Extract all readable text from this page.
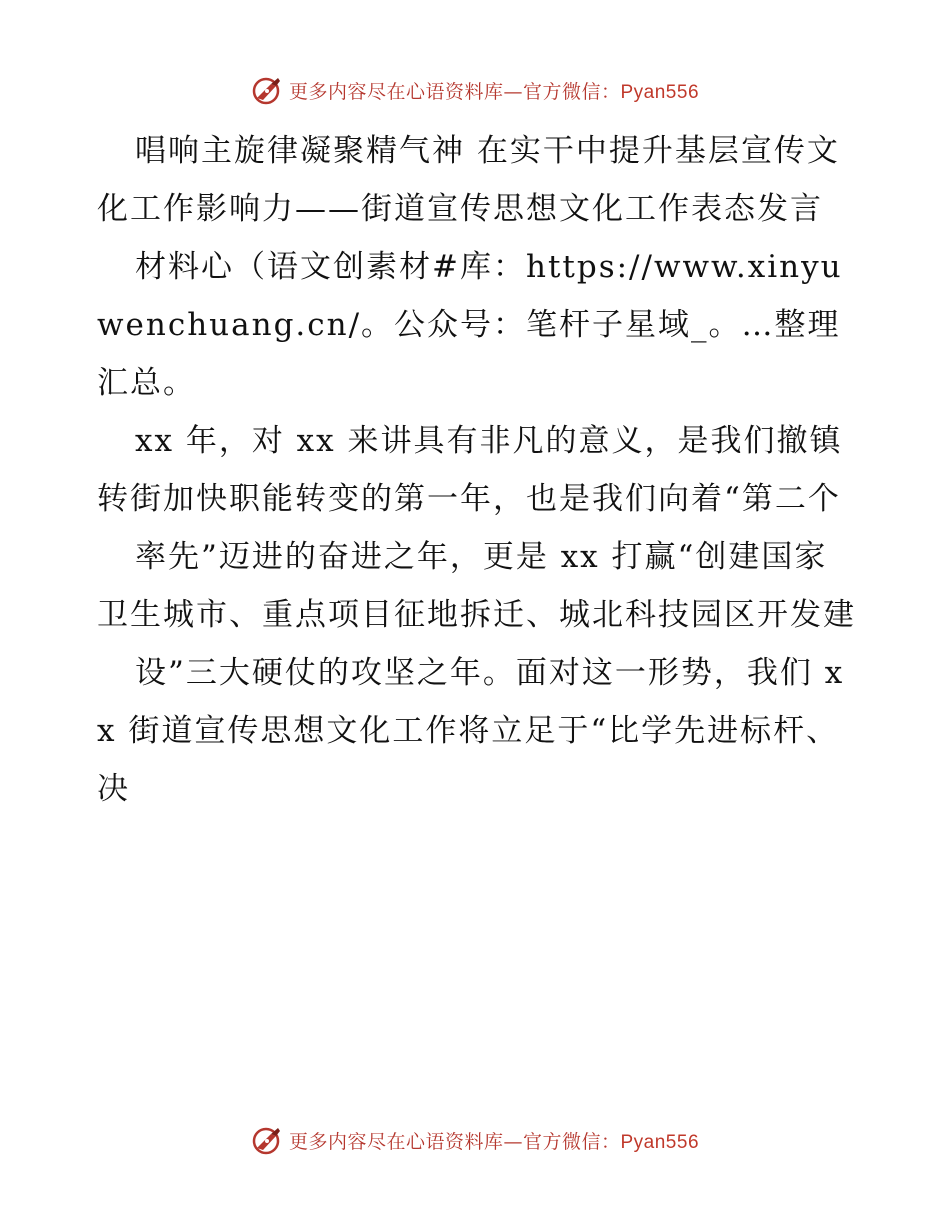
更多内容尽在心语资料库—官方微信：Pyan556

唱响主旋律凝聚精气神 在实干中提升基层宣传文化工作影响力——街道宣传思想文化工作表态发言

材料心（语文创素材#库：https://www.xinyuwenchuang.cn/。公众号：笔杆子星域_。…整理汇总。

xx 年，对 xx 来讲具有非凡的意义，是我们撤镇转街加快职能转变的第一年，也是我们向着“第二个

率先”迈进的奋进之年，更是 xx 打赢“创建国家卫生城市、重点项目征地拆迁、城北科技园区开发建

设”三大硬仗的攻坚之年。面对这一形势，我们 xx 街道宣传思想文化工作将立足于“比学先进标杆、决

更多内容尽在心语资料库—官方微信：Pyan556
